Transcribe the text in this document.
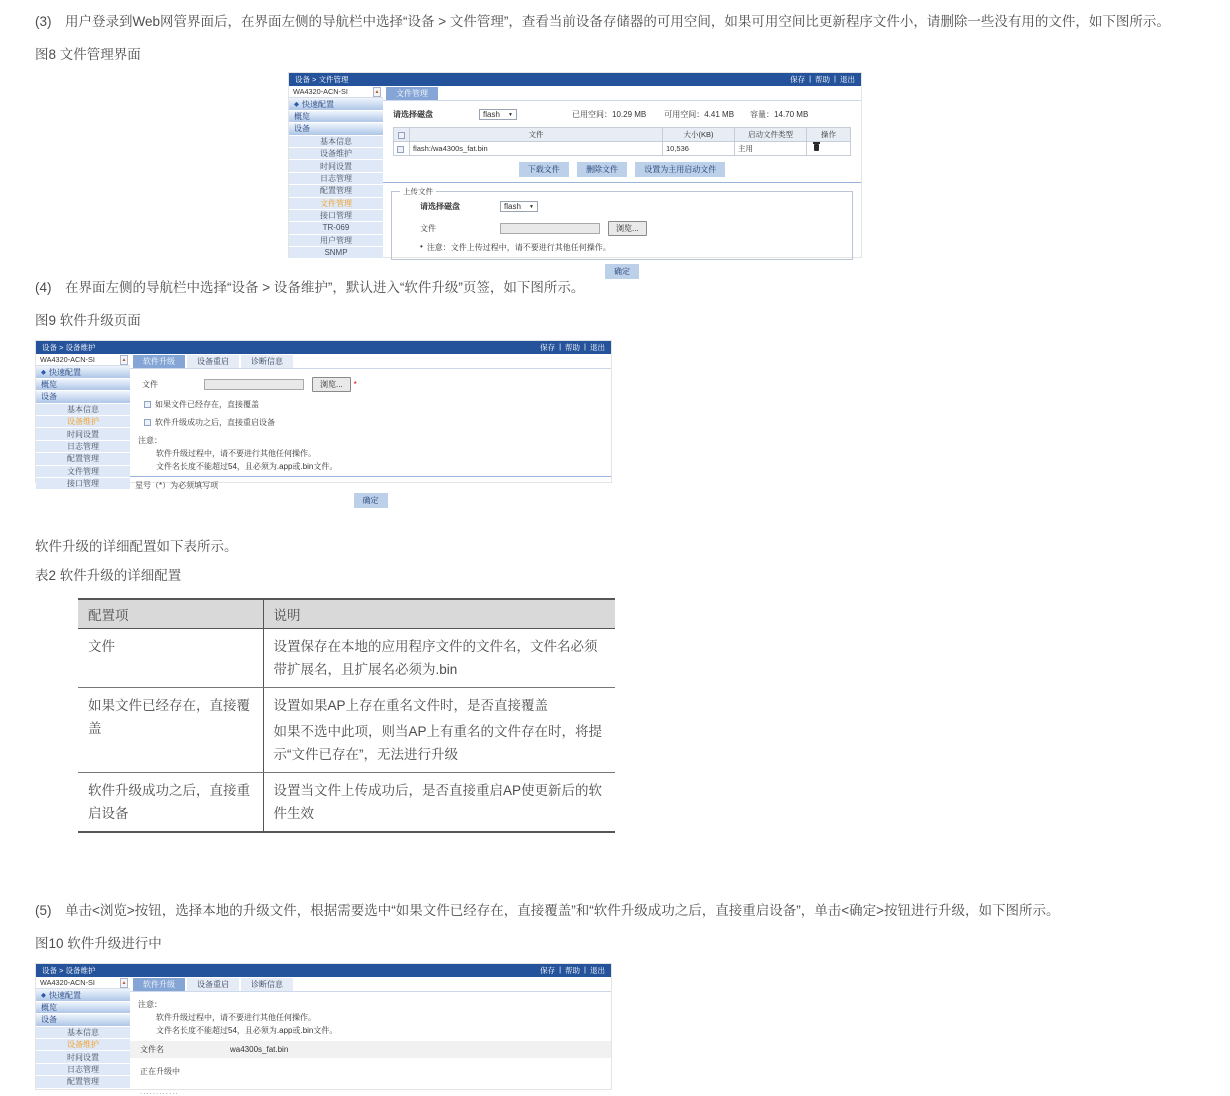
(3)　用户登录到Web网管界面后，在界面左侧的导航栏中选择“设备 > 文件管理”，查看当前设备存储器的可用空间，如果可用空间比更新程序文件小，请删除一些没有用的文件，如下图所示。

图8 文件管理界面

设备 > 文件管理	保存 | 帮助 | 退出
WA4320-ACN-SI	▲
◆ 快速配置
概览
设备
基本信息
设备维护
时间设置
日志管理
配置管理
文件管理
接口管理
TR-069
用户管理
SNMP
文件管理
请选择磁盘	flash ▼	已用空间：10.29 MB 可用空间：4.41 MB 容量：14.70 MB
	文件	大小(KB)	启动文件类型	操作
	flash:/wa4300s_fat.bin	10,536	主用	
下载文件	删除文件	设置为主用启动文件
上传文件
请选择磁盘	flash ▼
文件	浏览...
• 注意：文件上传过程中，请不要进行其他任何操作。
确定

(4)　在界面左侧的导航栏中选择“设备 > 设备维护”，默认进入“软件升级”页签，如下图所示。

图9 软件升级页面

设备 > 设备维护	保存 | 帮助 | 退出
WA4320-ACN-SI	▲
◆ 快速配置
概览
设备
基本信息
设备维护
时间设置
日志管理
配置管理
文件管理
接口管理
软件升级	设备重启	诊断信息
文件	浏览...	*
如果文件已经存在，直接覆盖
软件升级成功之后，直接重启设备
注意：
软件升级过程中，请不要进行其他任何操作。
文件名长度不能超过54，且必须为.app或.bin文件。
星号（*）为必须填写项
确定

软件升级的详细配置如下表所示。

表2 软件升级的详细配置

配置项	说明
文件	设置保存在本地的应用程序文件的文件名，文件名必须带扩展名，且扩展名必须为.bin
如果文件已经存在，直接覆盖	设置如果AP上存在重名文件时，是否直接覆盖
如果不选中此项，则当AP上有重名的文件存在时，将提示“文件已存在”，无法进行升级

软件升级成功之后，直接重启设备	设置当文件上传成功后，是否直接重启AP使更新后的软件生效

(5)　单击<浏览>按钮，选择本地的升级文件，根据需要选中“如果文件已经存在，直接覆盖”和“软件升级成功之后，直接重启设备”，单击<确定>按钮进行升级，如下图所示。

图10 软件升级进行中

设备 > 设备维护	保存 | 帮助 | 退出
WA4320-ACN-SI	▲
◆ 快速配置
概览
设备
基本信息
设备维护
时间设置
日志管理
配置管理
软件升级	设备重启	诊断信息
注意：
软件升级过程中，请不要进行其他任何操作。
文件名长度不能超过54，且必须为.app或.bin文件。
文件名	wa4300s_fat.bin
正在升级中
............
